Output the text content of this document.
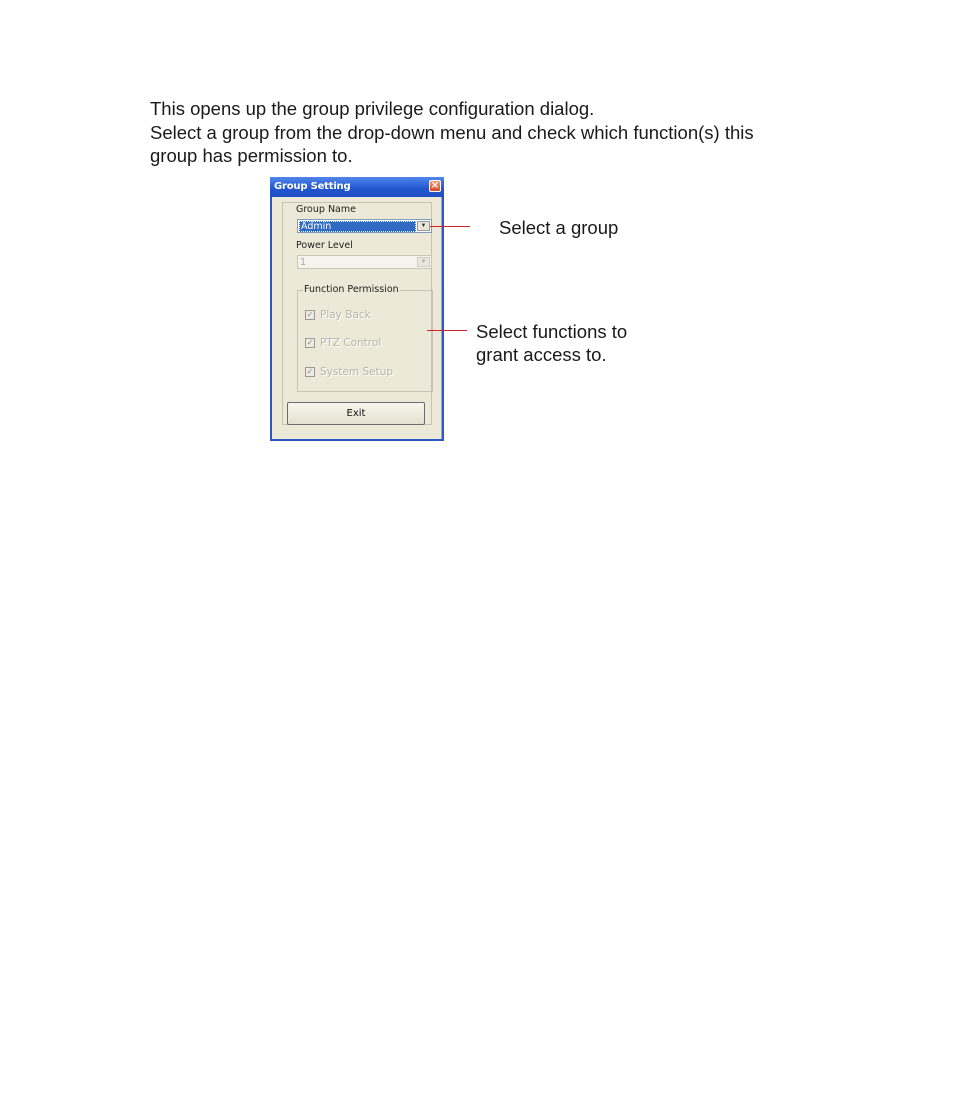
This opens up the group privilege configuration dialog.
Select a group from the drop-down menu and check which function(s) this
group has permission to.
Group Setting	×
Group Name
Admin	▼
Power Level
1	▼
Function Permission
✓ Play Back
✓ PTZ Control
✓ System Setup
Exit
Select a group
Select functions to
grant access to.
